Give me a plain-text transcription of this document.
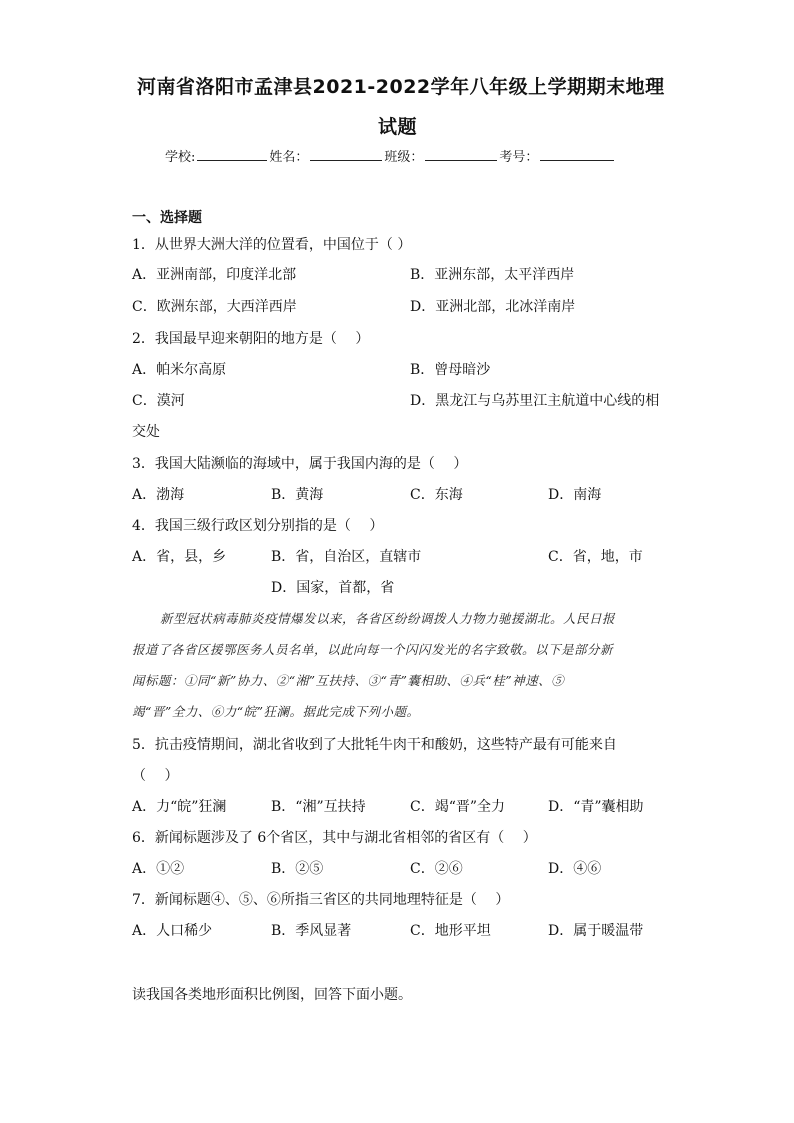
河南省洛阳市孟津县2021-2022学年八年级上学期期末地理
试题
学校:	姓名：	班级：	考号：
一、选择题
1．从世界大洲大洋的位置看，中国位于（ ）
A．亚洲南部，印度洋北部	B．亚洲东部，太平洋西岸
C．欧洲东部，大西洋西岸	D．亚洲北部，北冰洋南岸
2．我国最早迎来朝阳的地方是（　 ）
A．帕米尔高原	B．曾母暗沙
C．漠河	D．黑龙江与乌苏里江主航道中心线的相
交处
3．我国大陆濒临的海域中，属于我国内海的是（　 ）
A．渤海	B．黄海	C．东海	D．南海
4．我国三级行政区划分别指的是（　 ）
A．省，县，乡	B．省，自治区，直辖市	C．省，地，市
D．国家，首都，省
新型冠状病毒肺炎疫情爆发以来，各省区纷纷调拨人力物力驰援湖北。人民日报
报道了各省区援鄂医务人员名单，以此向每一个闪闪发光的名字致敬。以下是部分新
闻标题：①同“新”协力、②“湘”互扶持、③“青”囊相助、④兵“桂”神速、⑤
竭“晋”全力、⑥力“皖”狂澜。据此完成下列小题。
5．抗击疫情期间，湖北省收到了大批牦牛肉干和酸奶，这些特产最有可能来自
（　 ）
A．力“皖”狂澜	B．“湘”互扶持	C．竭“晋”全力	D．“青”囊相助
6．新闻标题涉及了 6个省区，其中与湖北省相邻的省区有（　 ）
A．①②	B．②⑤	C．②⑥	D．④⑥
7．新闻标题④、⑤、⑥所指三省区的共同地理特征是（　 ）
A．人口稀少	B．季风显著	C．地形平坦	D．属于暖温带
读我国各类地形面积比例图，回答下面小题。
